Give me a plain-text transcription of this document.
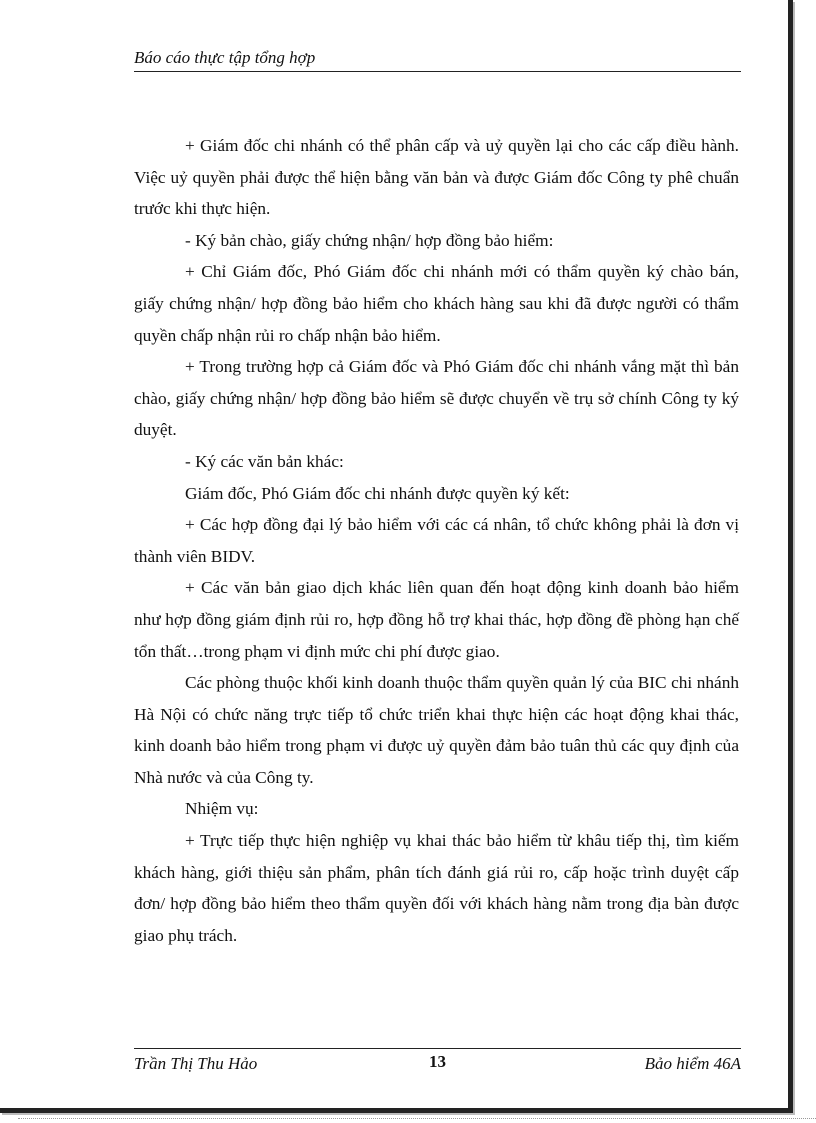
Báo cáo thực tập tổng hợp

+ Giám đốc chi nhánh có thể phân cấp và uỷ quyền lại cho các cấp điều hành. Việc uỷ quyền phải được thể hiện bằng văn bản và được Giám đốc Công ty phê chuẩn trước khi thực hiện.

- Ký bản chào, giấy chứng nhận/ hợp đồng bảo hiểm:

+ Chỉ Giám đốc, Phó Giám đốc chi nhánh mới có thẩm quyền ký chào bán, giấy chứng nhận/ hợp đồng bảo hiểm cho khách hàng sau khi đã được người có thẩm quyền chấp nhận rủi ro chấp nhận bảo hiểm.

+ Trong trường hợp cả Giám đốc và Phó Giám đốc chi nhánh vắng mặt thì bản chào, giấy chứng nhận/ hợp đồng bảo hiểm sẽ được chuyển về trụ sở chính Công ty ký duyệt.

- Ký các văn bản khác:

Giám đốc, Phó Giám đốc chi nhánh được quyền ký kết:

+ Các hợp đồng đại lý bảo hiểm với các cá nhân, tổ chức không phải là đơn vị thành viên BIDV.

+ Các văn bản giao dịch khác liên quan đến hoạt động kinh doanh bảo hiểm như hợp đồng giám định rủi ro, hợp đồng hỗ trợ khai thác, hợp đồng đề phòng hạn chế tổn thất…trong phạm vi định mức chi phí được giao.

Các phòng thuộc khối kinh doanh thuộc thẩm quyền quản lý của BIC chi nhánh Hà Nội có chức năng trực tiếp tổ chức triển khai thực hiện các hoạt động khai thác, kinh doanh bảo hiểm trong phạm vi được uỷ quyền đảm bảo tuân thủ các quy định của Nhà nước và của Công ty.

Nhiệm vụ:

+ Trực tiếp thực hiện nghiệp vụ khai thác bảo hiểm từ khâu tiếp thị, tìm kiếm khách hàng, giới thiệu sản phẩm, phân tích đánh giá rủi ro, cấp hoặc trình duyệt cấp đơn/ hợp đồng bảo hiểm theo thẩm quyền đối với khách hàng nằm trong địa bàn được giao phụ trách.

Trần Thị Thu Hảo	13	Bảo hiểm 46A
